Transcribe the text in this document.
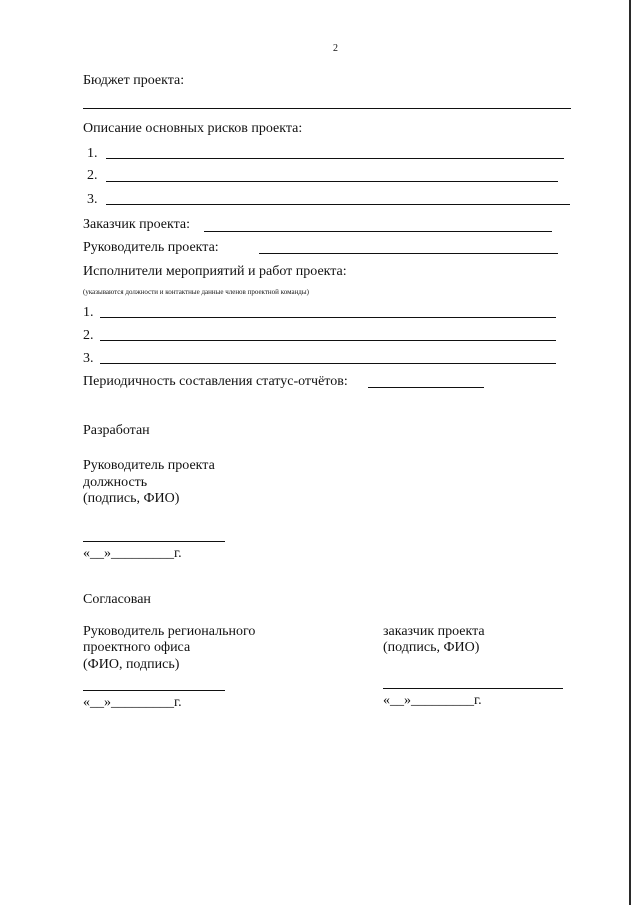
2
Бюджет проекта:
Описание основных рисков проекта:
1.
2.
3.
Заказчик проекта:
Руководитель проекта:
Исполнители мероприятий и работ проекта:
(указываются должности и контактные данные членов проектной команды)
1.
2.
3.
Периодичность составления статус-отчётов:
Разработан
Руководитель проекта
должность
(подпись, ФИО)
«__»_________г.
Согласован
Руководитель регионального
проектного офиса
(ФИО, подпись)
«__»_________г.
заказчик проекта
(подпись, ФИО)
«__»_________г.
